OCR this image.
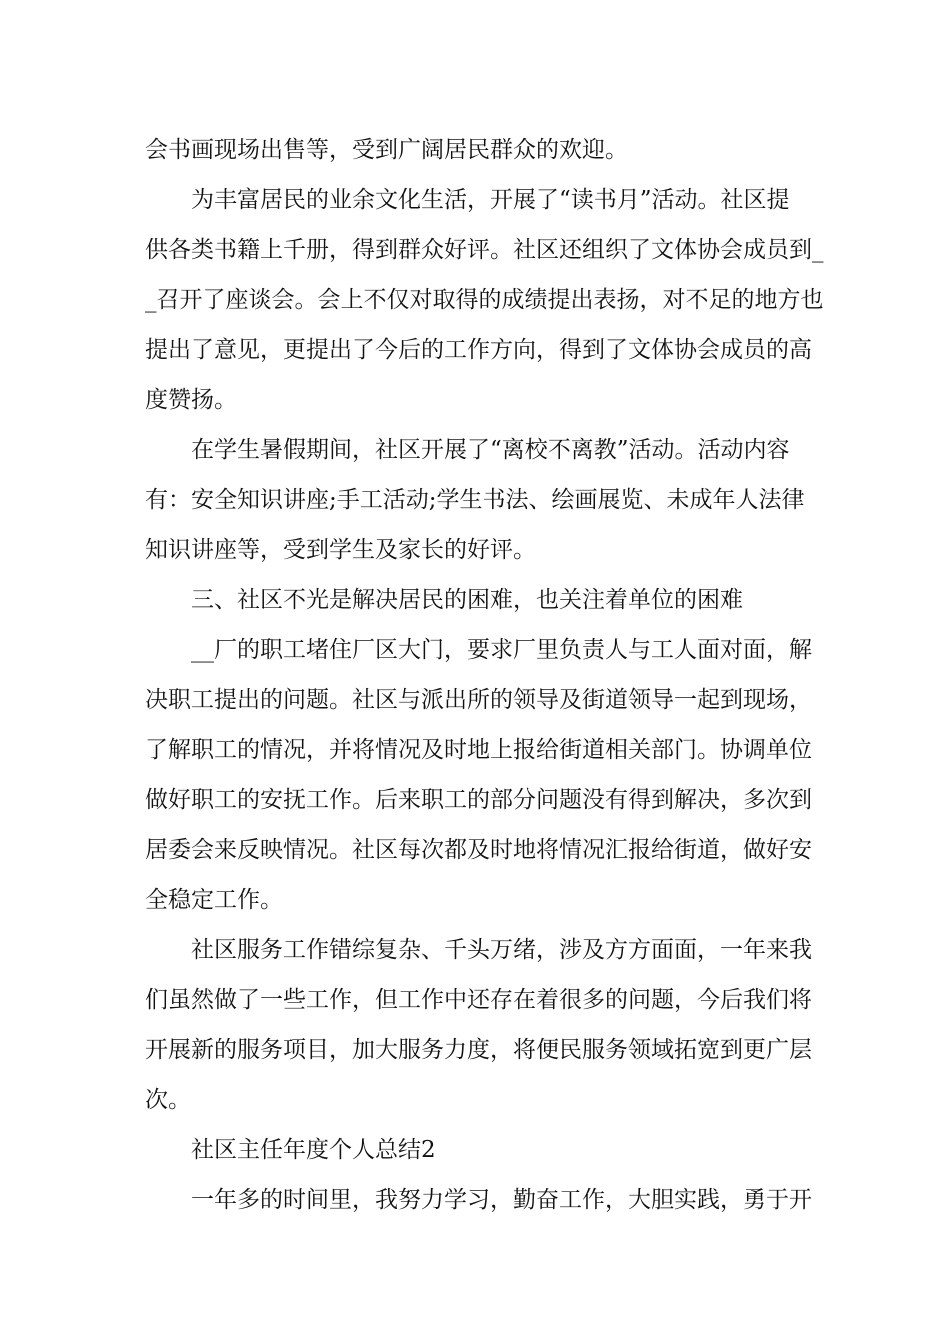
会书画现场出售等，受到广阔居民群众的欢迎。
为丰富居民的业余文化生活，开展了“读书月”活动。社区提
供各类书籍上千册，得到群众好评。社区还组织了文体协会成员到_
_召开了座谈会。会上不仅对取得的成绩提出表扬，对不足的地方也
提出了意见，更提出了今后的工作方向，得到了文体协会成员的高
度赞扬。
在学生暑假期间，社区开展了“离校不离教”活动。活动内容
有：安全知识讲座;手工活动;学生书法、绘画展览、未成年人法律
知识讲座等，受到学生及家长的好评。
三、社区不光是解决居民的困难，也关注着单位的困难
__厂的职工堵住厂区大门，要求厂里负责人与工人面对面，解
决职工提出的问题。社区与派出所的领导及街道领导一起到现场，
了解职工的情况，并将情况及时地上报给街道相关部门。协调单位
做好职工的安抚工作。后来职工的部分问题没有得到解决，多次到
居委会来反映情况。社区每次都及时地将情况汇报给街道，做好安
全稳定工作。
社区服务工作错综复杂、千头万绪，涉及方方面面，一年来我
们虽然做了一些工作，但工作中还存在着很多的问题，今后我们将
开展新的服务项目，加大服务力度，将便民服务领域拓宽到更广层
次。
社区主任年度个人总结2
一年多的时间里，我努力学习，勤奋工作，大胆实践，勇于开
